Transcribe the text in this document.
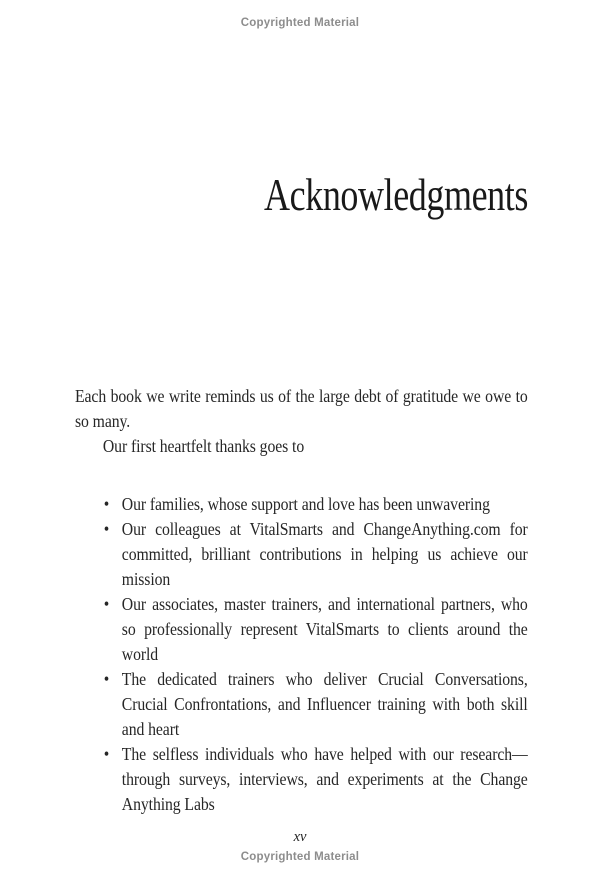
Copyrighted Material
Acknowledgments

Each book we write reminds us of the large debt of gratitude we owe to so many.

Our first heartfelt thanks goes to

• Our families, whose support and love has been unwavering
• Our colleagues at VitalSmarts and ChangeAnything.com for committed, brilliant contributions in helping us achieve our mission
• Our associates, master trainers, and international partners, who so professionally represent VitalSmarts to clients around the world
• The dedicated trainers who deliver Crucial Conversations, Crucial Confrontations, and Influencer training with both skill and heart
• The selfless individuals who have helped with our research—through surveys, interviews, and experiments at the Change Anything Labs
xv
Copyrighted Material
